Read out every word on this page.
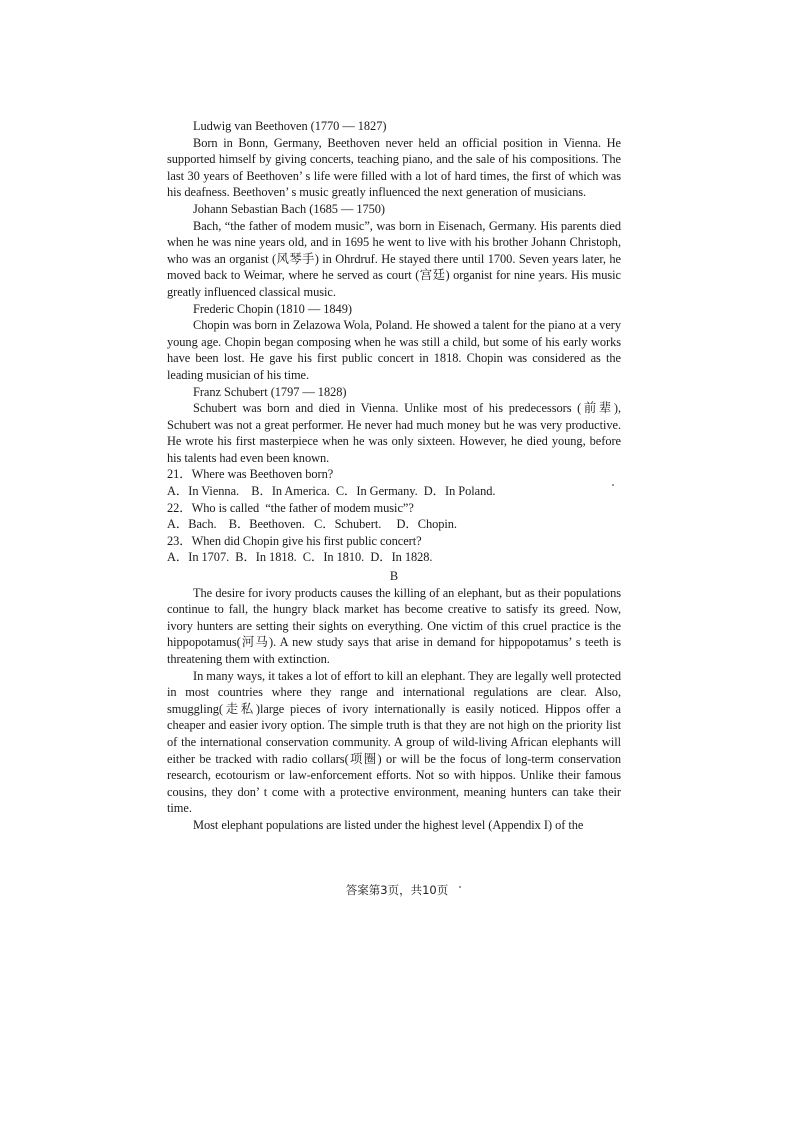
Ludwig van Beethoven (1770 — 1827)

Born in Bonn, Germany, Beethoven never held an official position in Vienna. He supported himself by giving concerts, teaching piano, and the sale of his compositions. The last 30 years of Beethoven’ s life were filled with a lot of hard times, the first of which was his deafness. Beethoven’ s music greatly influenced the next generation of musicians.

Johann Sebastian Bach (1685 — 1750)

Bach, “the father of modem music”, was born in Eisenach, Germany. His parents died when he was nine years old, and in 1695 he went to live with his brother Johann Christoph, who was an organist (风琴手) in Ohrdruf. He stayed there until 1700. Seven years later, he moved back to Weimar, where he served as court (宫廷) organist for nine years. His music greatly influenced classical music.

Frederic Chopin (1810 — 1849)

Chopin was born in Zelazowa Wola, Poland. He showed a talent for the piano at a very young age. Chopin began composing when he was still a child, but some of his early works have been lost. He gave his first public concert in 1818. Chopin was considered as the leading musician of his time.

Franz Schubert (1797 — 1828)

Schubert was born and died in Vienna. Unlike most of his predecessors (前辈), Schubert was not a great performer. He never had much money but he was very productive. He wrote his first masterpiece when he was only sixteen. However, he died young, before his talents had even been known.

21．Where was Beethoven born?

A．In Vienna.    B．In America.  C．In Germany.  D．In Poland.

22．Who is called  “the father of modem music”?

A．Bach.    B．Beethoven.   C．Schubert.     D．Chopin.

23．When did Chopin give his first public concert?

A．In 1707.  B．In 1818.  C．In 1810.  D．In 1828.

B

The desire for ivory products causes the killing of an elephant, but as their populations continue to fall, the hungry black market has become creative to satisfy its greed. Now, ivory hunters are setting their sights on everything. One victim of this cruel practice is the hippopotamus(河马). A new study says that arise in demand for hippopotamus’ s teeth is threatening them with extinction.

In many ways, it takes a lot of effort to kill an elephant. They are legally well protected in most countries where they range and international regulations are clear. Also, smuggling(走私)large pieces of ivory internationally is easily noticed. Hippos offer a cheaper and easier ivory option. The simple truth is that they are not high on the priority list of the international conservation community. A group of wild-living African elephants will either be tracked with radio collars(项圈) or will be the focus of long-term conservation research, ecotourism or law-enforcement efforts. Not so with hippos. Unlike their famous cousins, they don’ t come with a protective environment, meaning hunters can take their time.

Most elephant populations are listed under the highest level (Appendix I) of the

答案第3页，共10页
